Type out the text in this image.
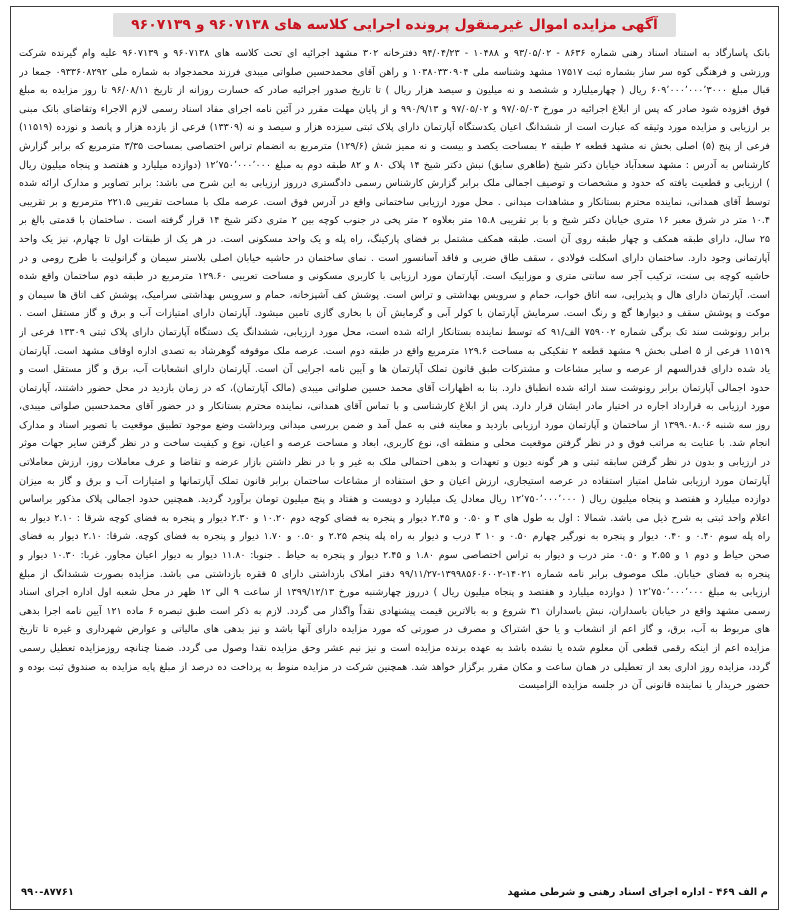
آگهی مزایده اموال غیرمنقول پرونده اجرایی کلاسه های ۹۶۰۷۱۳۸ و ۹۶۰۷۱۳۹
بانک پاسارگاد به استناد اسناد رهنی شماره ۸۶۳۶ - ۹۳/۰۵/۰۲ و ۱۰۴۸۸ - ۹۴/۰۴/۲۳ دفترخانه ۳۰۲ مشهد اجرائیه ای تحت کلاسه های ۹۶۰۷۱۳۸ و ۹۶۰۷۱۳۹ علیه وام گیرنده شرکت ورزشی و فرهنگی کوه سر ساز بشماره ثبت ۱۷۵۱۷ مشهد وشناسه ملی ۱۰۳۸۰۳۳۰۹۰۴ و راهن آقای محمدحسین صلواتی میبدی فرزند محمدجواد به شماره ملی ۰۹۳۳۶۰۸۲۹۲ جمعا در قبال مبلغ ۶۰۹٬۰۰۰٬۰۰۰٬۳۰۰۰ ریال ( چهارمیلیارد و ششصد و نه میلیون و سیصد هزار ریال ) تا تاریخ صدور اجرائیه صادر که خسارت روزانه از تاریخ ۹۶/۰۸/۱۱ تا روز مزایده به مبلغ فوق افزوده شود صادر که پس از ابلاغ اجرائیه در مورخ ۹۷/۰۵/۰۳ و ۹۷/۰۵/۰۲ و ۹۹۰/۹/۱۳ و از پایان مهلت مقرر در آئین نامه اجرای مفاد اسناد رسمی لازم الاجراء وتقاضای بانک مبنی بر ارزیابی و مزایده مورد وثیقه که عبارت است از ششدانگ اعیان یکدستگاه آپارتمان دارای پلاک ثبتی سیزده هزار و سیصد و نه (۱۳۳۰۹) فرعی از یازده هزار و پانصد و نوزده (۱۱۵۱۹) فرعی از پنج (۵) اصلی بخش نه مشهد قطعه ۲ طبقه ۲ بمساحت یکصد و بیست و نه ممیز شش (۱۲۹/۶) مترمربع به انضمام تراس اختصاصی بمساحت ۳/۳۵ مترمربع که برابر گزارش کارشناس به آدرس : مشهد سعدآباد خیابان دکتر شیخ (طاهری سابق) نبش دکتر شیخ ۱۴ پلاک ۸۰ و ۸۲ طبقه دوم به مبلغ ۱۲٬۷۵۰٬۰۰۰٬۰۰۰ (دوازده میلیارد و هفتصد و پنجاه میلیون ریال ) ارزیابی و قطعیت یافته که حدود و مشخصات و توصیف اجمالی ملک برابر گزارش کارشناس رسمی دادگستری درروز ارزیابی به این شرح می باشد: برابر تصاویر و مدارک ارائه شده توسط آقای همدانی، نماینده محترم بستانکار و مشاهدات میدانی . محل مورد ارزیابی ساختمانی واقع در آدرس فوق است. عرصه ملک با مساحت تقریبی ۲۲۱.۵ مترمربع و بر تقریبی ۱۰.۴ متر در شرق معبر ۱۶ متری خیابان دکتر شیخ و با بر تقریبی ۱۵.۸ متر بعلاوه ۲ متر پخی در جنوب کوچه بین ۲ متری دکتر شیخ ۱۴ قرار گرفته است . ساختمان با قدمتی بالغ بر ۲۵ سال، دارای طبقه همکف و چهار طبقه روی آن است. طبقه همکف مشتمل بر فضای پارکینگ، راه پله و یک واحد مسکونی است. در هر یک از طبقات اول تا چهارم، نیز یک واحد آپارتمانی وجود دارد. ساختمان دارای اسکلت فولادی ، سقف طاق ضربی و فاقد آسانسور است . نمای ساختمان در حاشیه خیابان اصلی بلاستر سیمان و گرانولیت با طرح رومی و در حاشیه کوچه بی سنت، ترکیب آجر سه سانتی متری و موزاییک است. آپارتمان مورد ارزیابی با کاربری مسکونی و مساحت تعریبی ۱۲۹.۶۰ مترمربع در طبقه دوم ساختمان واقع شده است. آپارتمان دارای هال و پذیرایی، سه اتاق خواب، حمام و سرویس بهداشتی و تراس است. پوشش کف آشپزخانه، حمام و سرویس بهداشتی سرامیک، پوشش کف اتاق ها سیمان و موکت و پوشش سقف و دیوارها گچ و رنگ است. سرمایش آپارتمان با کولر آبی و گرمایش آن با بخاری گازی تامین میشود. آپارتمان دارای امتیازات آب و برق و گاز مستقل است . برابر رونوشت سند تک برگی شماره ۷۵۹۰۰۲ الف/۹۱ که توسط نماینده بستانکار ارائه شده است، محل مورد ارزیابی، ششدانگ یک دستگاه آپارتمان دارای پلاک ثبتی ۱۳۳۰۹ فرعی از ۱۱۵۱۹ فرعی از ۵ اصلی بخش ۹ مشهد قطعه ۲ تفکیکی به مساحت ۱۲۹.۶ مترمربع واقع در طبقه دوم است. عرصه ملک موقوفه گوهرشاد به تصدی اداره اوقاف مشهد است. آپارتمان یاد شده دارای قدرالسهم از عرصه و سایر مشاعات و مشترکات طبق قانون تملک آپارتمان ها و آیین نامه اجرایی آن است. آپارتمان دارای انشعابات آب، برق و گاز مستقل است و حدود اجمالی آپارتمان برابر رونوشت سند ارائه شده انطباق دارد. بنا به اظهارات آقای محمد حسین صلواتی میبدی (مالک آپارتمان)، که در زمان بازدید در محل حضور داشتند، آپارتمان مورد ارزیابی به قرارداد اجاره در اختیار مادر ایشان قرار دارد. پس از ابلاغ کارشناسی و با تماس آقای همدانی، نماینده محترم بستانکار و در حضور آقای محمدحسین صلواتی میبدی، روز سه شنبه ۱۳۹۹.۰۸.۰۶ از ساختمان و آپارتمان مورد ارزیابی بازدید و معاینه فنی به عمل آمد و ضمن بررسی میدانی وبرداشت وضع موجود تطبیق موقعیت با تصویر اسناد و مدارک انجام شد. با عنایت به مراتب فوق و در نظر گرفتن موقعیت محلی و منطقه ای، نوع کاربری، ابعاد و مساحت عرصه و اعیان، نوع و کیفیت ساخت و در نظر گرفتن سایر جهات موثر در ارزیابی و بدون در نظر گرفتن سابقه ثبتی و هر گونه دیون و تعهدات و بدهی احتمالی ملک به غیر و با در نظر داشتن بازار عرضه و تقاضا و عرف معاملات روز، ارزش معاملاتی آپارتمان مورد ارزیابی شامل امتیاز استفاده در عرصه استیجاری، ارزش اعیان و حق استفاده از مشاعات ساختمان برابر قانون تملک آپارتمانها و امتیازات آب و برق و گاز به میزان دوازده میلیارد و هفتصد و پنجاه میلیون ریال ( ۱۲٬۷۵۰٬۰۰۰٬۰۰۰ ریال معادل یک میلیارد و دویست و هفتاد و پنج میلیون تومان برآورد گردید. همچنین حدود اجمالی پلاک مذکور براساس اعلام واحد ثبتی به شرح ذیل می باشد. شمالا : اول به طول های ۳ و ۰.۵۰ و ۲.۴۵ دیوار و پنجره به فضای کوچه دوم ۱۰.۲۰ و ۲.۳۰ دیوار و پنجره به فضای کوچه شرقا : ۲.۱۰ دیوار به راه پله سوم ۰.۴۰ و ۰.۴۰ دیوار و پنجره به نورگیر چهارم ۰.۵۰ و ۱۰ ۳ درب و دیوار به راه پله پنجم ۲.۲۵ و ۰.۵۰ و ۱.۷۰ دیوار و پنجره به فضای کوچه. شرقا: ۲.۱۰ دیوار به فضای صحن حیاط و دوم ۱ و ۲.۵۵ و ۰.۵۰ متر درب و دیوار به تراس اختصاصی سوم ۱.۸۰ و ۲.۴۵ دیوار و پنجره به حیاط . جنوبا: ۱۱.۸۰ دیوار به دیوار اعیان مجاور. غربا: ۱۰.۳۰ دیوار و پنجره به فضای خیابان. ملک موصوف برابر نامه شماره ۱۴۰۲۱-۱۳۹۹۸۵۶۰۶۰۰۲-۹۹/۱۱/۲۷ دفتر املاک بازداشتی دارای ۵ فقره بازداشتی می باشد. مزایده بصورت ششدانگ از مبلغ ارزیابی به مبلغ ۱۲٬۷۵۰٬۰۰۰٬۰۰۰ ( دوازده میلیارد و هفتصد و پنجاه میلیون ریال ) درروز چهارشنبه مورخ ۱۳۹۹/۱۲/۱۳ از ساعت ۹ الی ۱۲ ظهر در محل شعبه اول اداره اجرای اسناد رسمی مشهد واقع در خیابان باسداران، نبش باسداران ۳۱ شروع و به بالاترین قیمت پیشنهادی نقداً واگذار می گردد. لازم به ذکر است طبق تبصره ۶ ماده ۱۲۱ آیین نامه اجرا بدهی های مربوط به آب، برق، و گاز اعم از انشعاب و یا حق اشتراک و مصرف در صورتی که مورد مزایده دارای آنها باشد و نیز بدهی های مالیاتی و عوارض شهرداری و غیره تا تاریخ مزایده اعم از اینکه رقمی قطعی آن معلوم شده یا نشده باشد به عهده برنده مزایده است و نیز نیم عشر وحق مزایده نقدا وصول می گردد. ضمنا چنانچه روزمزایده تعطیل رسمی گردد، مزایده روز اداری بعد از تعطیلی در همان ساعت و مکان مقرر برگزار خواهد شد. همچنین شرکت در مزایده منوط به پرداخت ده درصد از مبلغ پایه مزایده به صندوق ثبت بوده و حضور خریدار یا نماینده قانونی آن در جلسه مزایده الزامیست
م الف ۴۶۹ - اداره اجرای اسناد رهنی و شرطی مشهد
۹۹۰-۸۷۷۶۱
